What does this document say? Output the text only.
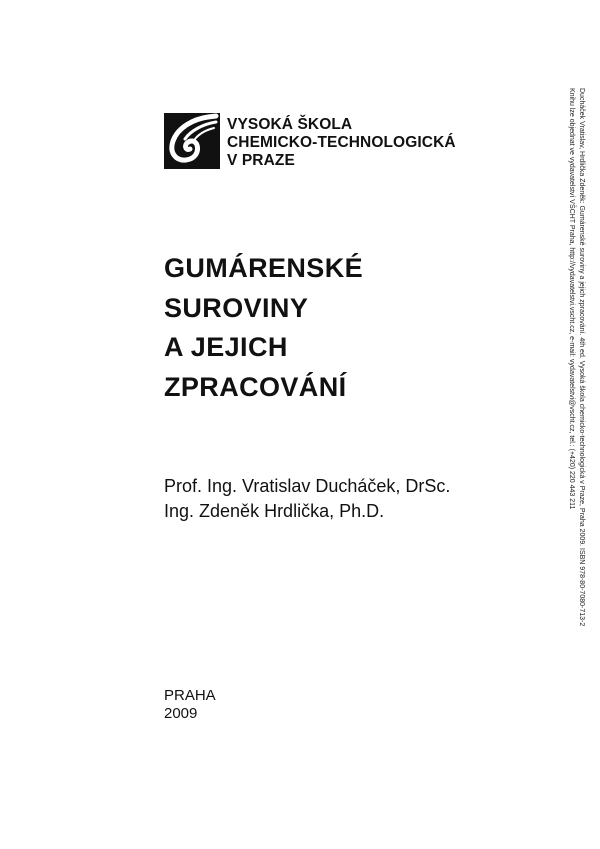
VYSOKÁ ŠKOLA
CHEMICKO-TECHNOLOGICKÁ
V PRAZE
GUMÁRENSKÉ
SUROVINY
A JEJICH
ZPRACOVÁNÍ
Prof. Ing. Vratislav Ducháček, DrSc.
Ing. Zdeněk Hrdlička, Ph.D.
PRAHA
2009
Ducháček Vratislav, Hrdlička Zdeněk: Gumárenské suroviny a jejich zpracování. 4th ed. Vysoká škola chemicko-technologická v Praze, Praha 2009. ISBN 978-80-7080-713-2
Knihu lze objednat ve vydavatelství VŠCHT Praha, http://vydavatelstvi.vscht.cz, e-mail: vydavatelstvi@vscht.cz, tel.: (+420) 220 443 211
